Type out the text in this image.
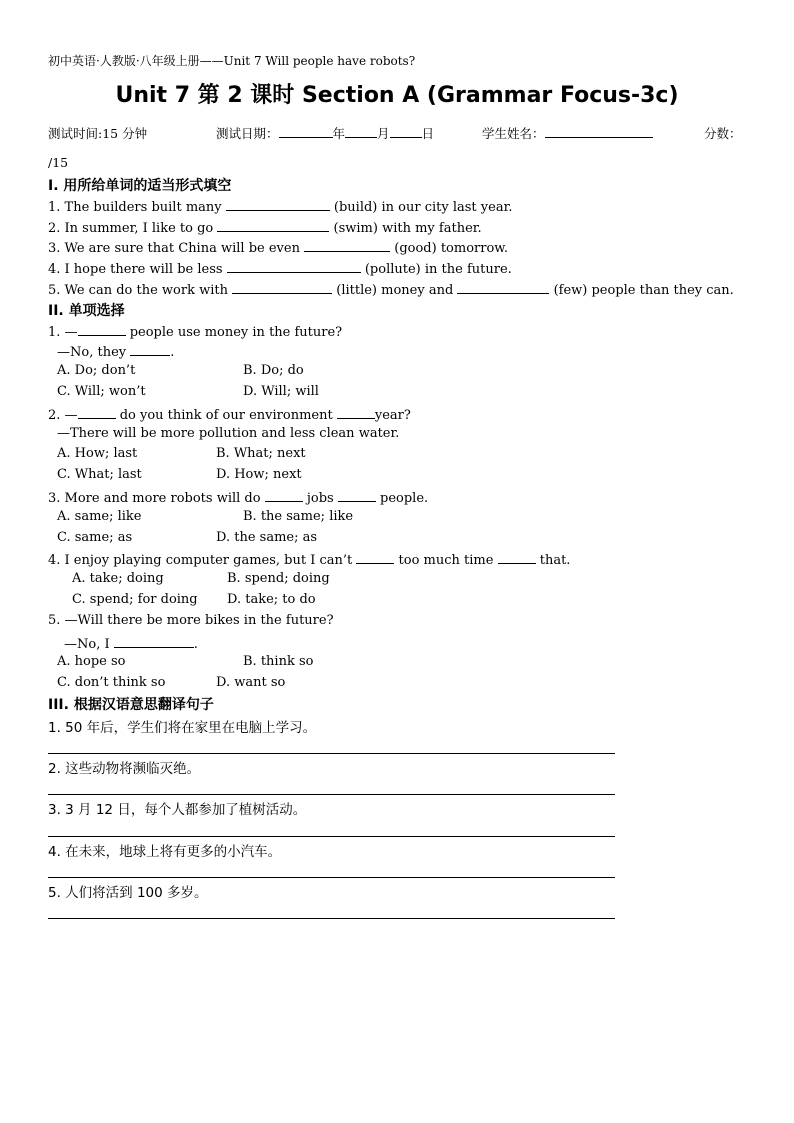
初中英语·人教版·八年级上册——Unit 7 Will people have robots?
Unit 7 第 2 课时 Section A (Grammar Focus-3c)
测试时间:15 分钟	测试日期：	年	月	日	学生姓名：	分数：
/15
I. 用所给单词的适当形式填空
1. The builders built many	(build) in our city last year.
2. In summer, I like to go	(swim) with my father.
3. We are sure that China will be even	(good) tomorrow.
4. I hope there will be less	(pollute) in the future.
5. We can do the work with	(little) money and	(few) people than they can.
II. 单项选择
1. —	people use money in the future?
—No, they	.
A. Do; don’t	B. Do; do
C. Will; won’t	D. Will; will
2. —	do you think of our environment	year?
—There will be more pollution and less clean water.
A. How; last	B. What; next
C. What; last	D. How; next
3. More and more robots will do	jobs	people.
A. same; like	B. the same; like
C. same; as	D. the same; as
4. I enjoy playing computer games, but I can’t	too much time	that.
A. take; doing	B. spend; doing
C. spend; for doing D. take; to do
5. —Will there be more bikes in the future?
—No, I	.
A. hope so	B. think so
C. don’t think so	D. want so
III. 根据汉语意思翻译句子
1. 50 年后，学生们将在家里在电脑上学习。
2. 这些动物将濒临灭绝。
3. 3 月 12 日，每个人都参加了植树活动。
4. 在未来，地球上将有更多的小汽车。
5. 人们将活到 100 多岁。
